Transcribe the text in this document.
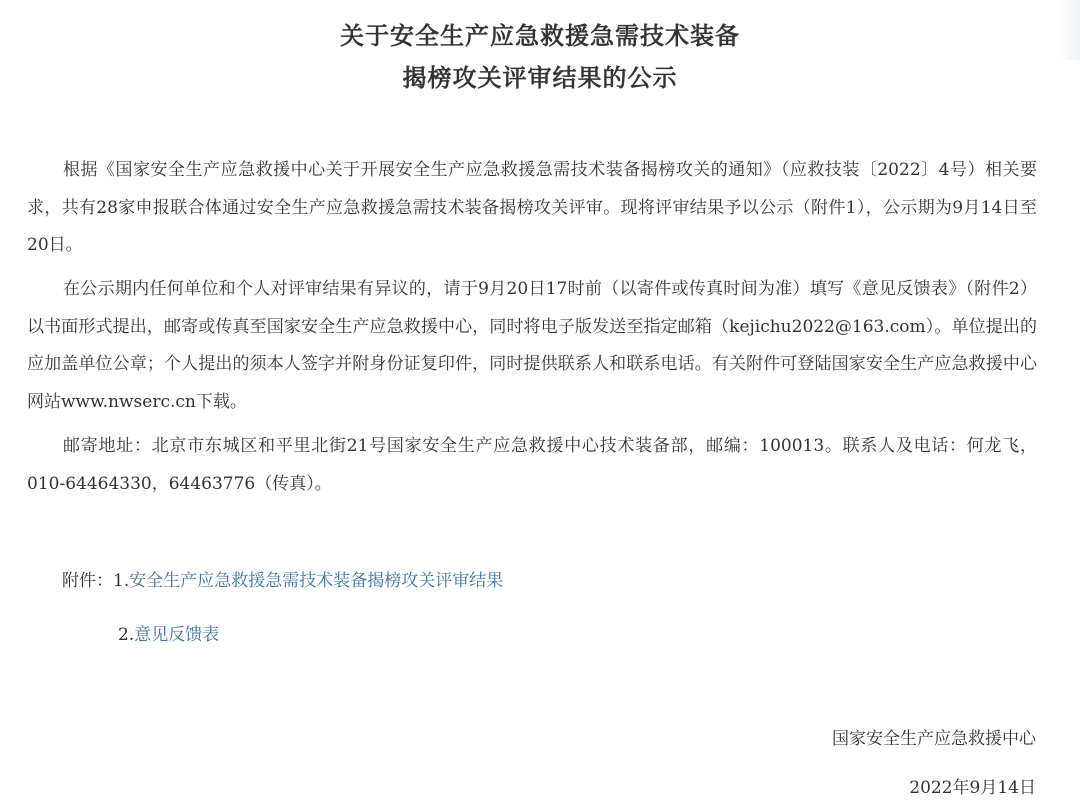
关于安全生产应急救援急需技术装备
揭榜攻关评审结果的公示

根据《国家安全生产应急救援中心关于开展安全生产应急救援急需技术装备揭榜攻关的通知》（应救技装〔2022〕4号）相关要求，共有28家申报联合体通过安全生产应急救援急需技术装备揭榜攻关评审。现将评审结果予以公示（附件1），公示期为9月14日至20日。

在公示期内任何单位和个人对评审结果有异议的，请于9月20日17时前（以寄件或传真时间为准）填写《意见反馈表》（附件2）以书面形式提出，邮寄或传真至国家安全生产应急救援中心，同时将电子版发送至指定邮箱（kejichu2022@163.com）。单位提出的应加盖单位公章；个人提出的须本人签字并附身份证复印件，同时提供联系人和联系电话。有关附件可登陆国家安全生产应急救援中心网站www.nwserc.cn下载。

邮寄地址：北京市东城区和平里北街21号国家安全生产应急救援中心技术装备部，邮编：100013。联系人及电话：何龙飞，010-64464330，64463776（传真）。

附件：1.安全生产应急救援急需技术装备揭榜攻关评审结果
2.意见反馈表

国家安全生产应急救援中心

2022年9月14日
